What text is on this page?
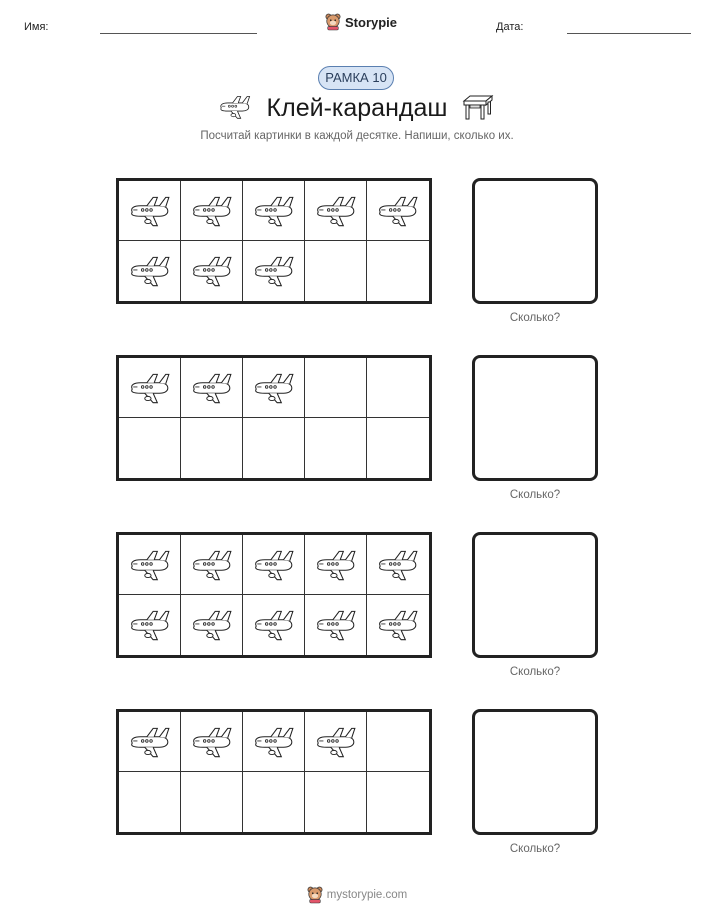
Имя:	Storypie	Дата:
РАМКА 10
Клей-карандаш
Посчитай картинки в каждой десятке. Напиши, сколько их.
Сколько?
Сколько?
Сколько?
Сколько?
mystorypie.com
